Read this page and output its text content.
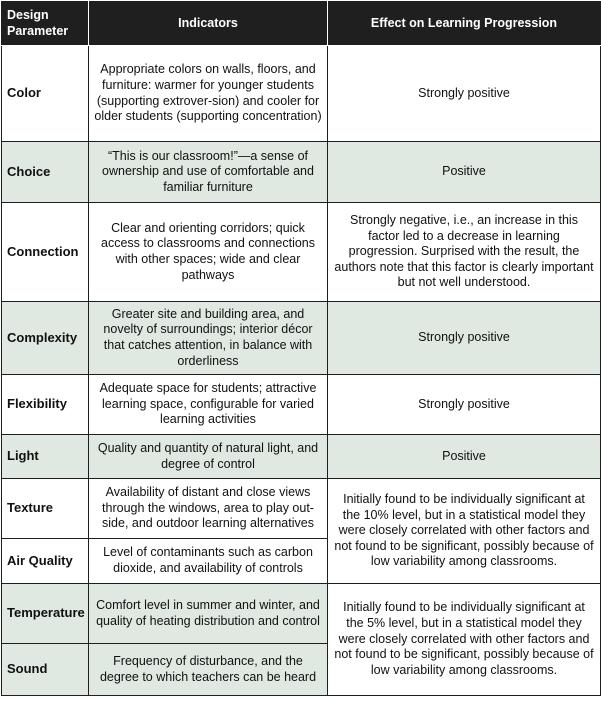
Design Parameter	Indicators	Effect on Learning Progression
Color	Appropriate colors on walls, floors, and furniture: warmer for younger students (supporting extrover-sion) and cooler for older students (supporting concentration)	Strongly positive
Choice	“This is our classroom!”—a sense of ownership and use of comfortable and familiar furniture	Positive
Connection	Clear and orienting corridors; quick access to classrooms and connections with other spaces; wide and clear pathways	Strongly negative, i.e., an increase in this factor led to a decrease in learning progression. Surprised with the result, the authors note that this factor is clearly important but not well understood.
Complexity	Greater site and building area, and novelty of surroundings; interior décor that catches attention, in balance with orderliness	Strongly positive
Flexibility	Adequate space for students; attractive learning space, configurable for varied learning activities	Strongly positive
Light	Quality and quantity of natural light, and degree of control	Positive
Texture	Availability of distant and close views through the windows, area to play out-side, and outdoor learning alternatives	Initially found to be individually significant at the 10% level, but in a statistical model they were closely correlated with other factors and not found to be significant, possibly because of low variability among classrooms.
Air Quality	Level of contaminants such as carbon dioxide, and availability of controls	
Temperature	Comfort level in summer and winter, and quality of heating distribution and control	Initially found to be individually significant at the 5% level, but in a statistical model they were closely correlated with other factors and not found to be significant, possibly because of low variability among classrooms.
Sound	Frequency of disturbance, and the degree to which teachers can be heard	
